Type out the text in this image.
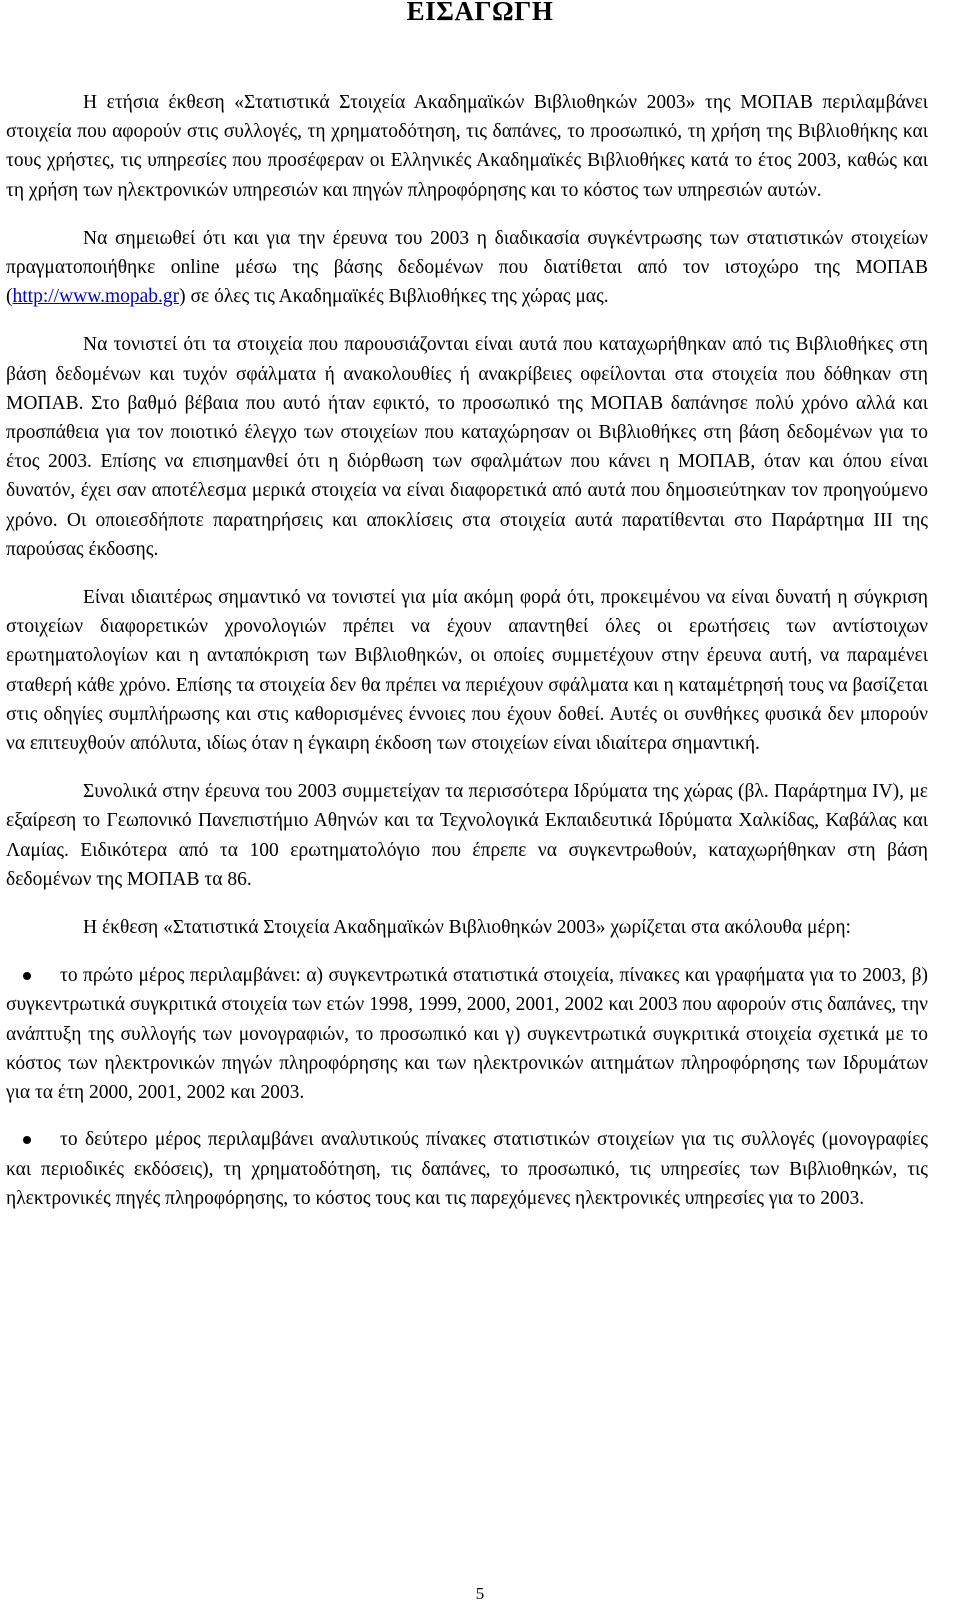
ΕΙΣΑΓΩΓΗ

Η ετήσια έκθεση «Στατιστικά Στοιχεία Ακαδημαϊκών Βιβλιοθηκών 2003» της ΜΟΠΑΒ περιλαμβάνει στοιχεία που αφορούν στις συλλογές, τη χρηματοδότηση, τις δαπάνες, το προσωπικό, τη χρήση της Βιβλιοθήκης και τους χρήστες, τις υπηρεσίες που προσέφεραν οι Ελληνικές Ακαδημαϊκές Βιβλιοθήκες κατά το έτος 2003, καθώς και τη χρήση των ηλεκτρονικών υπηρεσιών και πηγών πληροφόρησης και το κόστος των υπηρεσιών αυτών.

Να σημειωθεί ότι και για την έρευνα του 2003 η διαδικασία συγκέντρωσης των στατιστικών στοιχείων πραγματοποιήθηκε online μέσω της βάσης δεδομένων που διατίθεται από τον ιστοχώρο της ΜΟΠΑΒ (http://www.mopab.gr) σε όλες τις Ακαδημαϊκές Βιβλιοθήκες της χώρας μας.

Να τονιστεί ότι τα στοιχεία που παρουσιάζονται είναι αυτά που καταχωρήθηκαν από τις Βιβλιοθήκες στη βάση δεδομένων και τυχόν σφάλματα ή ανακολουθίες ή ανακρίβειες οφείλονται στα στοιχεία που δόθηκαν στη ΜΟΠΑΒ. Στο βαθμό βέβαια που αυτό ήταν εφικτό, το προσωπικό της ΜΟΠΑΒ δαπάνησε πολύ χρόνο αλλά και προσπάθεια για τον ποιοτικό έλεγχο των στοιχείων που καταχώρησαν οι Βιβλιοθήκες στη βάση δεδομένων για το έτος 2003. Επίσης να επισημανθεί ότι η διόρθωση των σφαλμάτων που κάνει η ΜΟΠΑΒ, όταν και όπου είναι δυνατόν, έχει σαν αποτέλεσμα μερικά στοιχεία να είναι διαφορετικά από αυτά που δημοσιεύτηκαν τον προηγούμενο χρόνο. Οι οποιεσδήποτε παρατηρήσεις και αποκλίσεις στα στοιχεία αυτά παρατίθενται στο Παράρτημα ΙΙΙ της παρούσας έκδοσης.

Είναι ιδιαιτέρως σημαντικό να τονιστεί για μία ακόμη φορά ότι, προκειμένου να είναι δυνατή η σύγκριση στοιχείων διαφορετικών χρονολογιών πρέπει να έχουν απαντηθεί όλες οι ερωτήσεις των αντίστοιχων ερωτηματολογίων και η ανταπόκριση των Βιβλιοθηκών, οι οποίες συμμετέχουν στην έρευνα αυτή, να παραμένει σταθερή κάθε χρόνο. Επίσης τα στοιχεία δεν θα πρέπει να περιέχουν σφάλματα και η καταμέτρησή τους να βασίζεται στις οδηγίες συμπλήρωσης και στις καθορισμένες έννοιες που έχουν δοθεί. Αυτές οι συνθήκες φυσικά δεν μπορούν να επιτευχθούν απόλυτα, ιδίως όταν η έγκαιρη έκδοση των στοιχείων είναι ιδιαίτερα σημαντική.

Συνολικά στην έρευνα του 2003 συμμετείχαν τα περισσότερα Ιδρύματα της χώρας (βλ. Παράρτημα IV), με εξαίρεση το Γεωπονικό Πανεπιστήμιο Αθηνών και τα Τεχνολογικά Εκπαιδευτικά Ιδρύματα Χαλκίδας, Καβάλας και Λαμίας. Ειδικότερα από τα 100 ερωτηματολόγιο που έπρεπε να συγκεντρωθούν, καταχωρήθηκαν στη βάση δεδομένων της ΜΟΠΑΒ τα 86.

Η έκθεση «Στατιστικά Στοιχεία Ακαδημαϊκών Βιβλιοθηκών 2003» χωρίζεται στα ακόλουθα μέρη:

το πρώτο μέρος περιλαμβάνει: α) συγκεντρωτικά στατιστικά στοιχεία, πίνακες και γραφήματα για το 2003, β) συγκεντρωτικά συγκριτικά στοιχεία των ετών 1998, 1999, 2000, 2001, 2002 και 2003 που αφορούν στις δαπάνες, την ανάπτυξη της συλλογής των μονογραφιών, το προσωπικό και γ) συγκεντρωτικά συγκριτικά στοιχεία σχετικά με το κόστος των ηλεκτρονικών πηγών πληροφόρησης και των ηλεκτρονικών αιτημάτων πληροφόρησης των Ιδρυμάτων για τα έτη 2000, 2001, 2002 και 2003.
το δεύτερο μέρος περιλαμβάνει αναλυτικούς πίνακες στατιστικών στοιχείων για τις συλλογές (μονογραφίες και περιοδικές εκδόσεις), τη χρηματοδότηση, τις δαπάνες, το προσωπικό, τις υπηρεσίες των Βιβλιοθηκών, τις ηλεκτρονικές πηγές πληροφόρησης, το κόστος τους και τις παρεχόμενες ηλεκτρονικές υπηρεσίες για το 2003.
5
